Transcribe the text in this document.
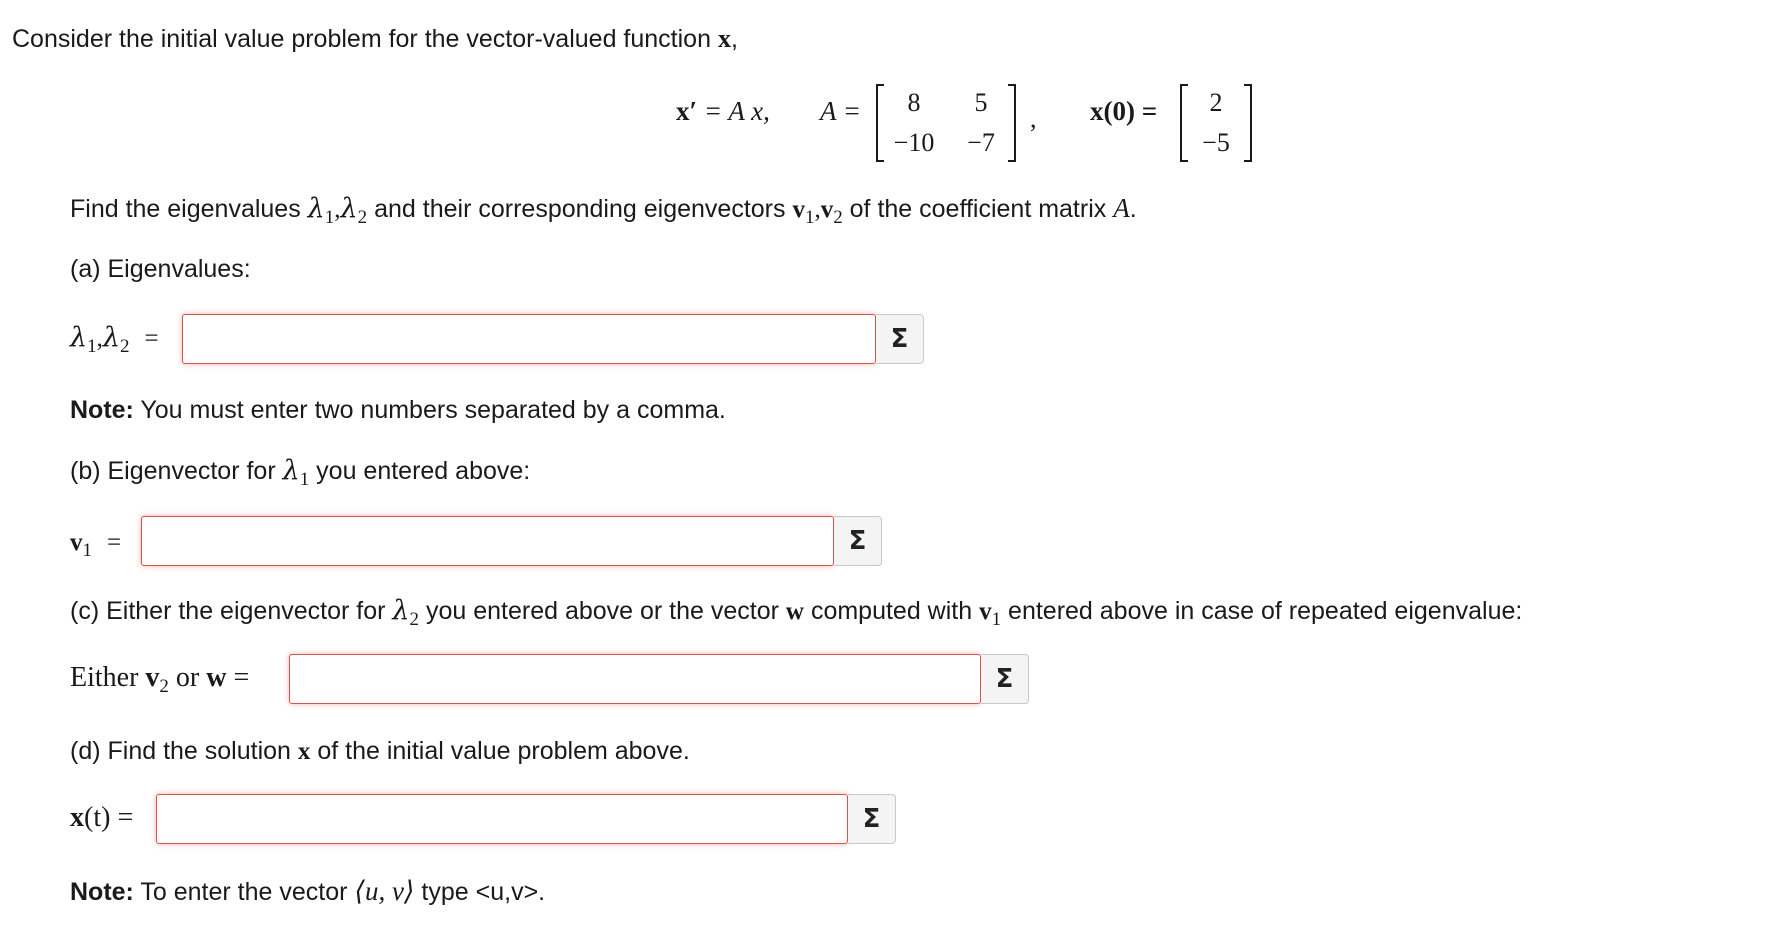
Consider the initial value problem for the vector-valued function x,
x′ = A x, A =	8	5
−10	−7
, x(0) =	2
−5
Find the eigenvalues $\lambda_1,\lambda_2$ and their corresponding eigenvectors $v_1,v_2$ of the coefficient matrix A.
(a) Eigenvalues:
$\lambda_1,\lambda_2$ =	Σ
Note: You must enter two numbers separated by a comma.
(b) Eigenvector for $\lambda_1$ you entered above:
$v_1$ =	Σ
(c) Either the eigenvector for $\lambda_2$ you entered above or the vector w computed with $v_1$ entered above in case of repeated eigenvalue:
Either $v_2$ or w =	Σ
(d) Find the solution x of the initial value problem above.
x(t) =	Σ
Note: To enter the vector ⟨u, v⟩ type <u,v>.
